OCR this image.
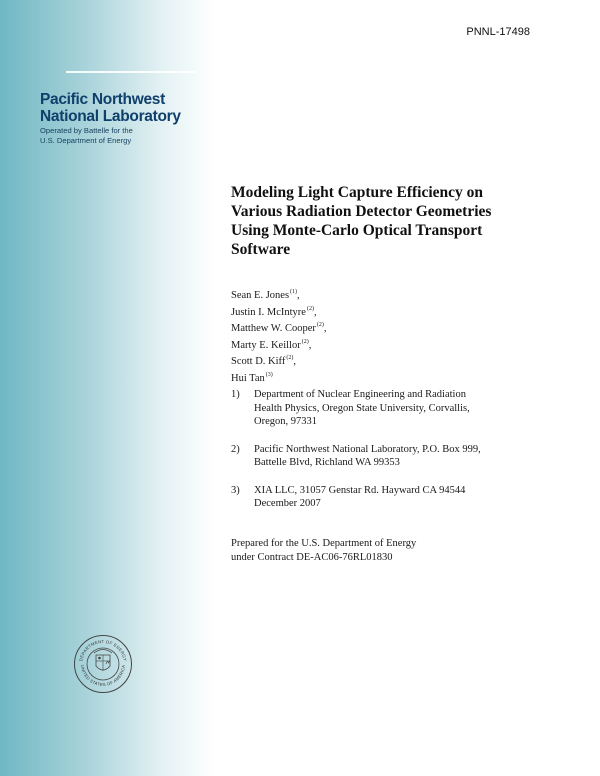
Pacific Northwest
National Laboratory
Operated by Battelle for the
U.S. Department of Energy
PNNL-17498
Modeling Light Capture Efficiency on
Various Radiation Detector Geometries
Using Monte-Carlo Optical Transport
Software
Sean E. Jones$^{(1)}$,
Justin I. McIntyre$^{(2)}$,
Matthew W. Cooper$^{(2)}$,
Marty E. Keillor$^{(2)}$,
Scott D. Kiff$^{(2)}$,
Hui Tan$^{(3)}$
1)	Department of Nuclear Engineering and Radiation
Health Physics, Oregon State University, Corvallis,
Oregon, 97331
2)	Pacific Northwest National Laboratory, P.O. Box 999,
Battelle Blvd, Richland WA 99353
3)	XIA LLC, 31057 Genstar Rd. Hayward CA 94544
December 2007
Prepared for the U.S. Department of Energy
under Contract DE-AC06-76RL01830
DEPARTMENT OF ENERGY
UNITED STATES OF AMERICA
